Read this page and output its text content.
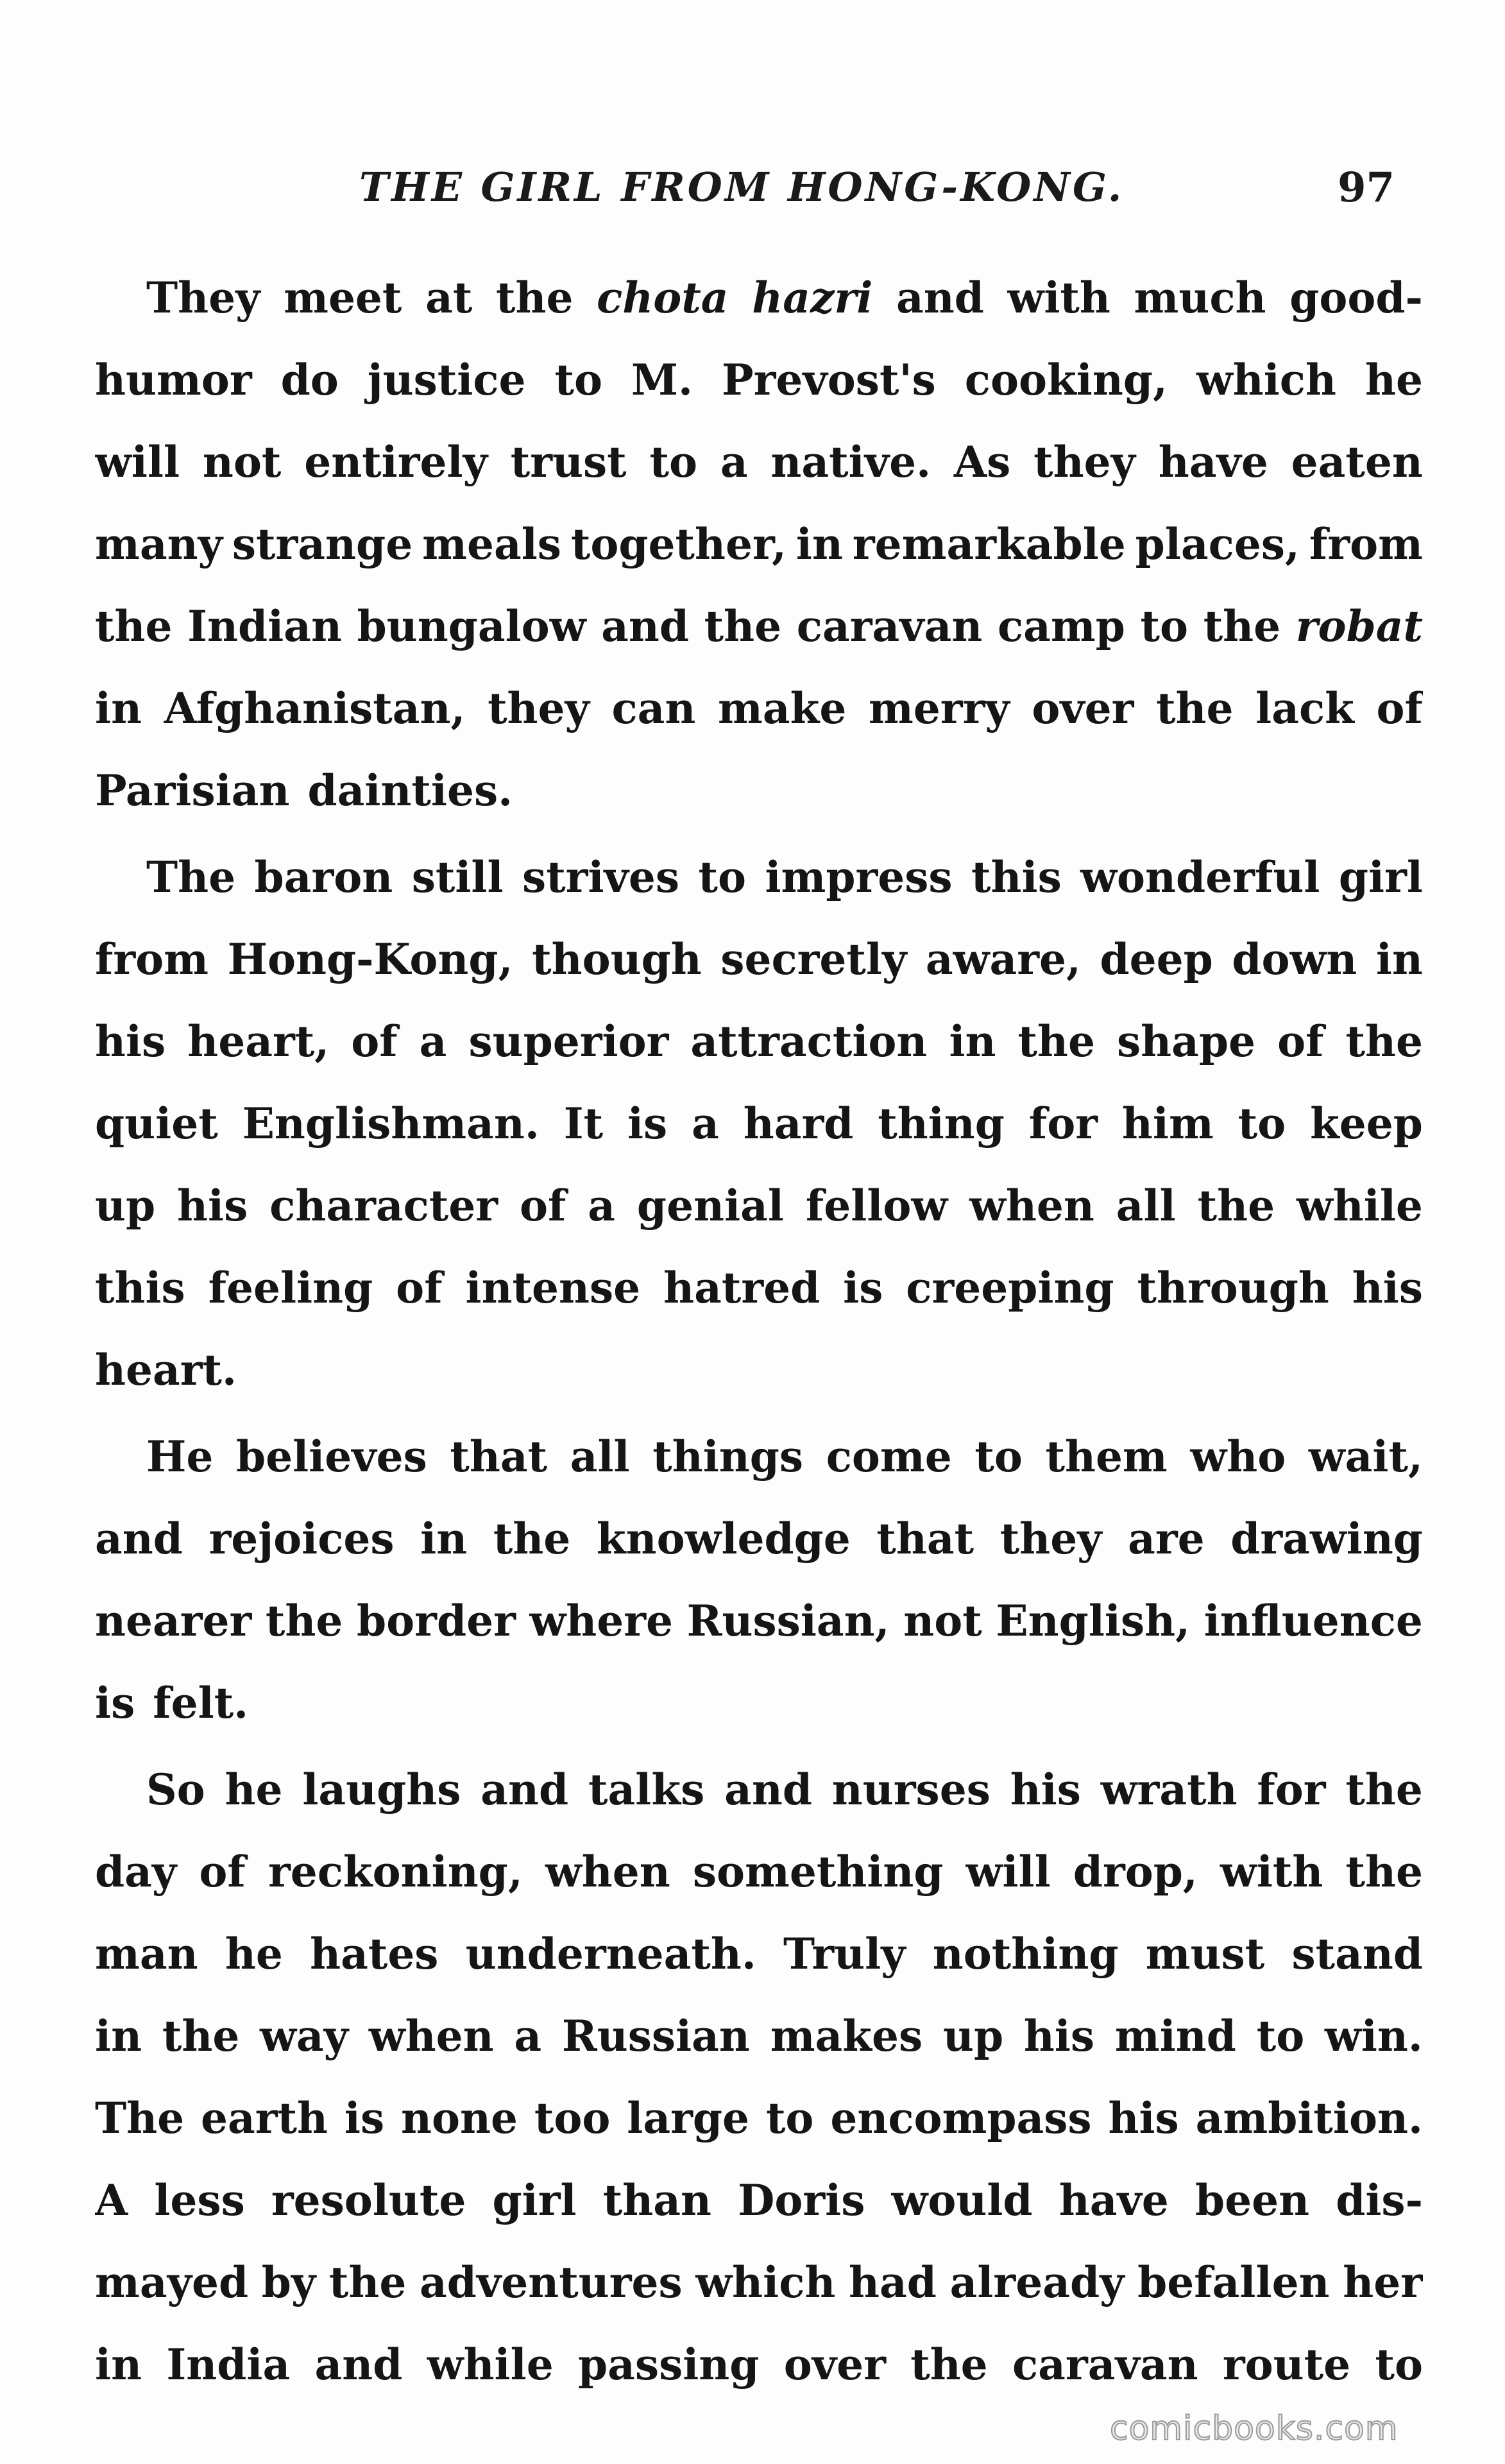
THE GIRL FROM HONG-KONG.	97
They meet at the chota hazri and with much good-
humor do justice to M. Prevost's cooking, which he
will not entirely trust to a native. As they have eaten
many strange meals together, in remarkable places, from
the Indian bungalow and the caravan camp to the robat
in Afghanistan, they can make merry over the lack of
Parisian dainties.
The baron still strives to impress this wonderful girl
from Hong-Kong, though secretly aware, deep down in
his heart, of a superior attraction in the shape of the
quiet Englishman. It is a hard thing for him to keep
up his character of a genial fellow when all the while
this feeling of intense hatred is creeping through his
heart.
He believes that all things come to them who wait,
and rejoices in the knowledge that they are drawing
nearer the border where Russian, not English, influence
is felt.
So he laughs and talks and nurses his wrath for the
day of reckoning, when something will drop, with the
man he hates underneath. Truly nothing must stand
in the way when a Russian makes up his mind to win.
The earth is none too large to encompass his ambition.
A less resolute girl than Doris would have been dis-
mayed by the adventures which had already befallen her
in India and while passing over the caravan route to
comicbooks.com
